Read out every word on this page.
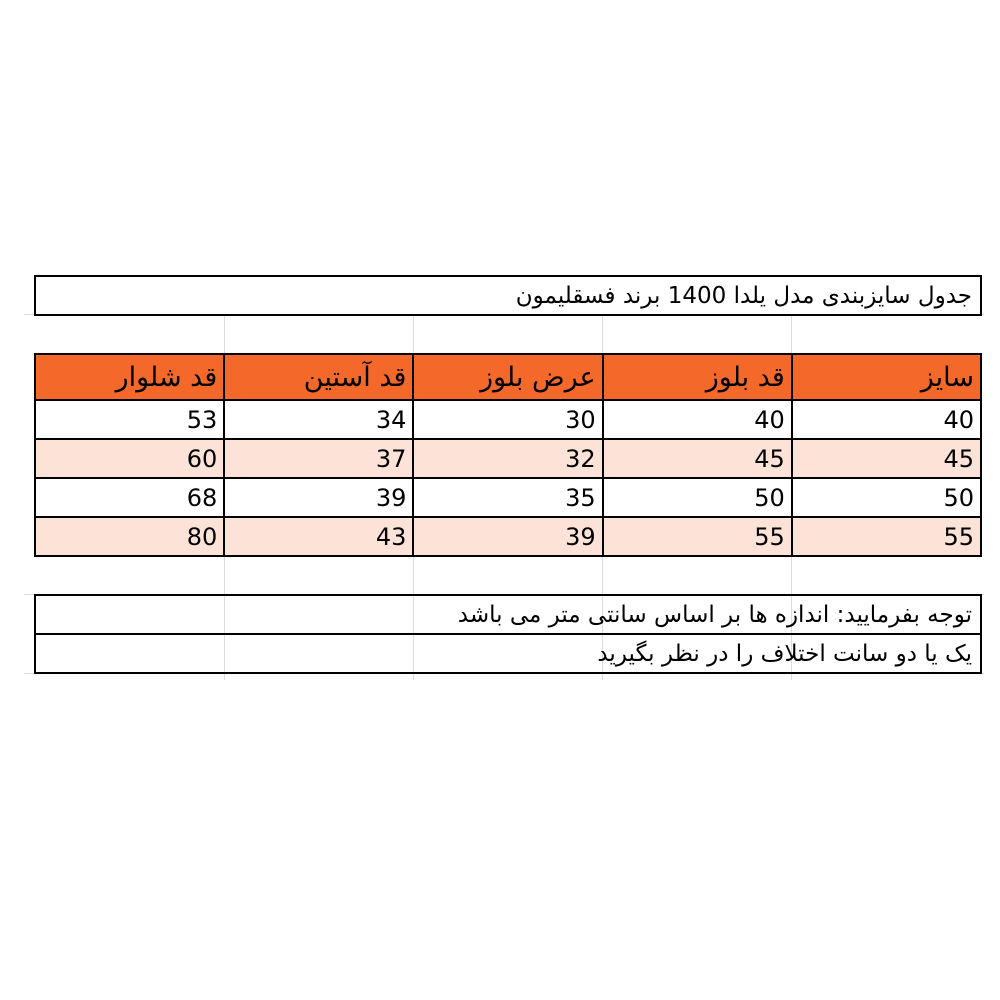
جدول سایزبندی مدل یلدا 1400 برند فسقلیمون
سایز	قد بلوز	عرض بلوز	قد آستین	قد شلوار
40	40	30	34	53
45	45	32	37	60
50	50	35	39	68
55	55	39	43	80
توجه بفرمایید: اندازه ها بر اساس سانتی متر می باشد
یک یا دو سانت اختلاف را در نظر بگیرید
